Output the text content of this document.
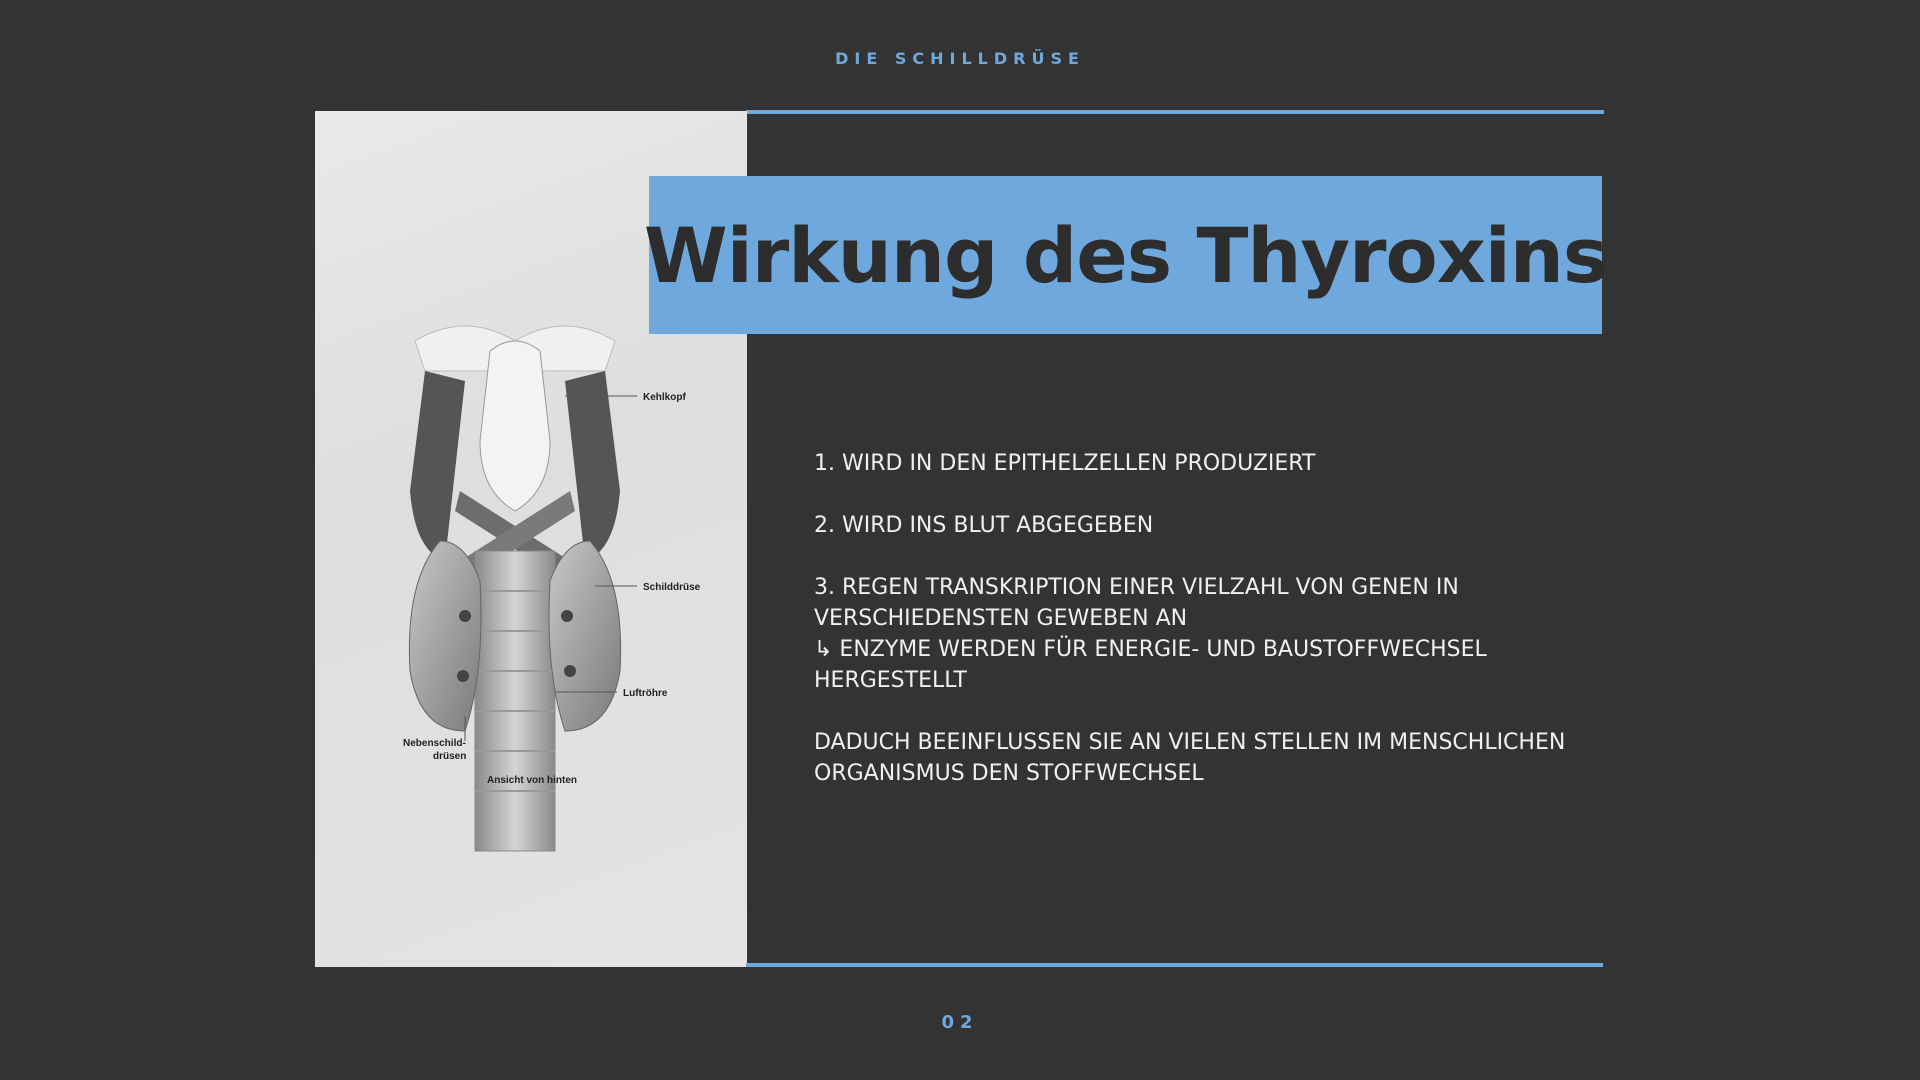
DIE SCHILLDRÜSE
Kehlkopf
Schilddrüse
Luftröhre
Nebenschild-
drüsen
Ansicht von hinten
Wirkung des Thyroxins

1. WIRD IN DEN EPITHELZELLEN PRODUZIERT

2. WIRD INS BLUT ABGEGEBEN

3. REGEN TRANSKRIPTION EINER VIELZAHL VON GENEN IN VERSCHIEDENSTEN GEWEBEN AN

↳ ENZYME WERDEN FÜR ENERGIE- UND BAUSTOFFWECHSEL HERGESTELLT

DADUCH BEEINFLUSSEN SIE AN VIELEN STELLEN IM MENSCHLICHEN ORGANISMUS DEN STOFFWECHSEL

02
